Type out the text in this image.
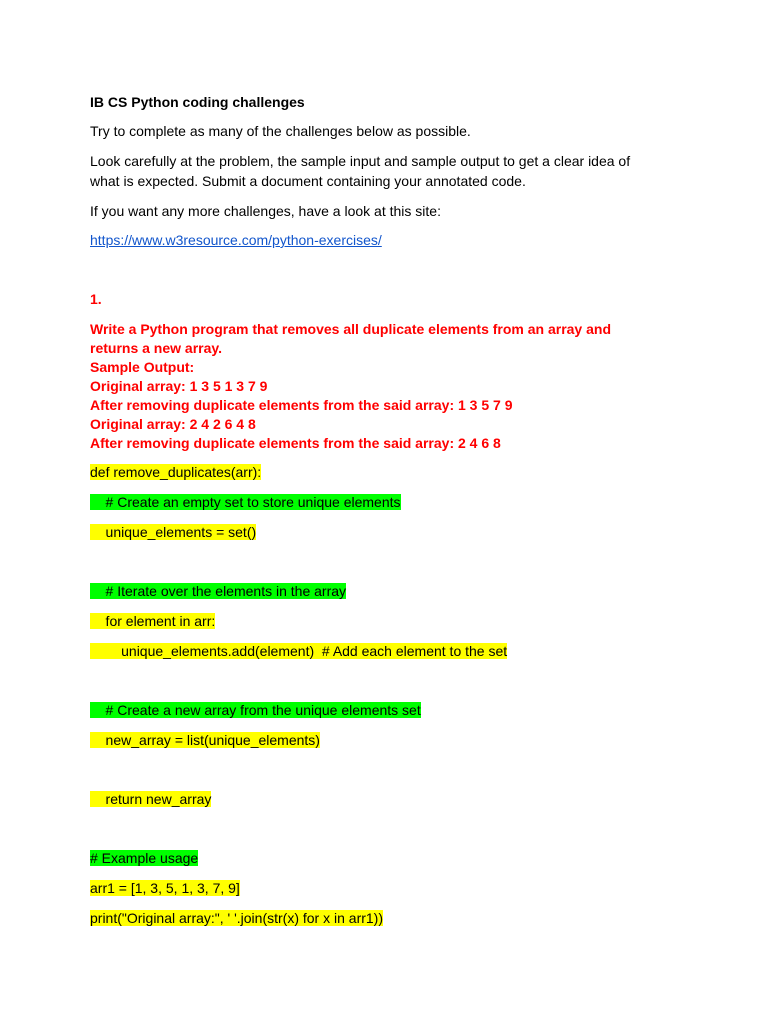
IB CS Python coding challenges
Try to complete as many of the challenges below as possible.
Look carefully at the problem, the sample input and sample output to get a clear idea of
what is expected. Submit a document containing your annotated code.
If you want any more challenges, have a look at this site:
https://www.w3resource.com/python-exercises/
1.
Write a Python program that removes all duplicate elements from an array and
returns a new array.
Sample Output:
Original array: 1 3 5 1 3 7 9
After removing duplicate elements from the said array: 1 3 5 7 9
Original array: 2 4 2 6 4 8
After removing duplicate elements from the said array: 2 4 6 8
def remove_duplicates(arr):
# Create an empty set to store unique elements
unique_elements = set()
# Iterate over the elements in the array
for element in arr:
unique_elements.add(element)  # Add each element to the set
# Create a new array from the unique elements set
new_array = list(unique_elements)
return new_array
# Example usage
arr1 = [1, 3, 5, 1, 3, 7, 9]
print("Original array:", ' '.join(str(x) for x in arr1))
